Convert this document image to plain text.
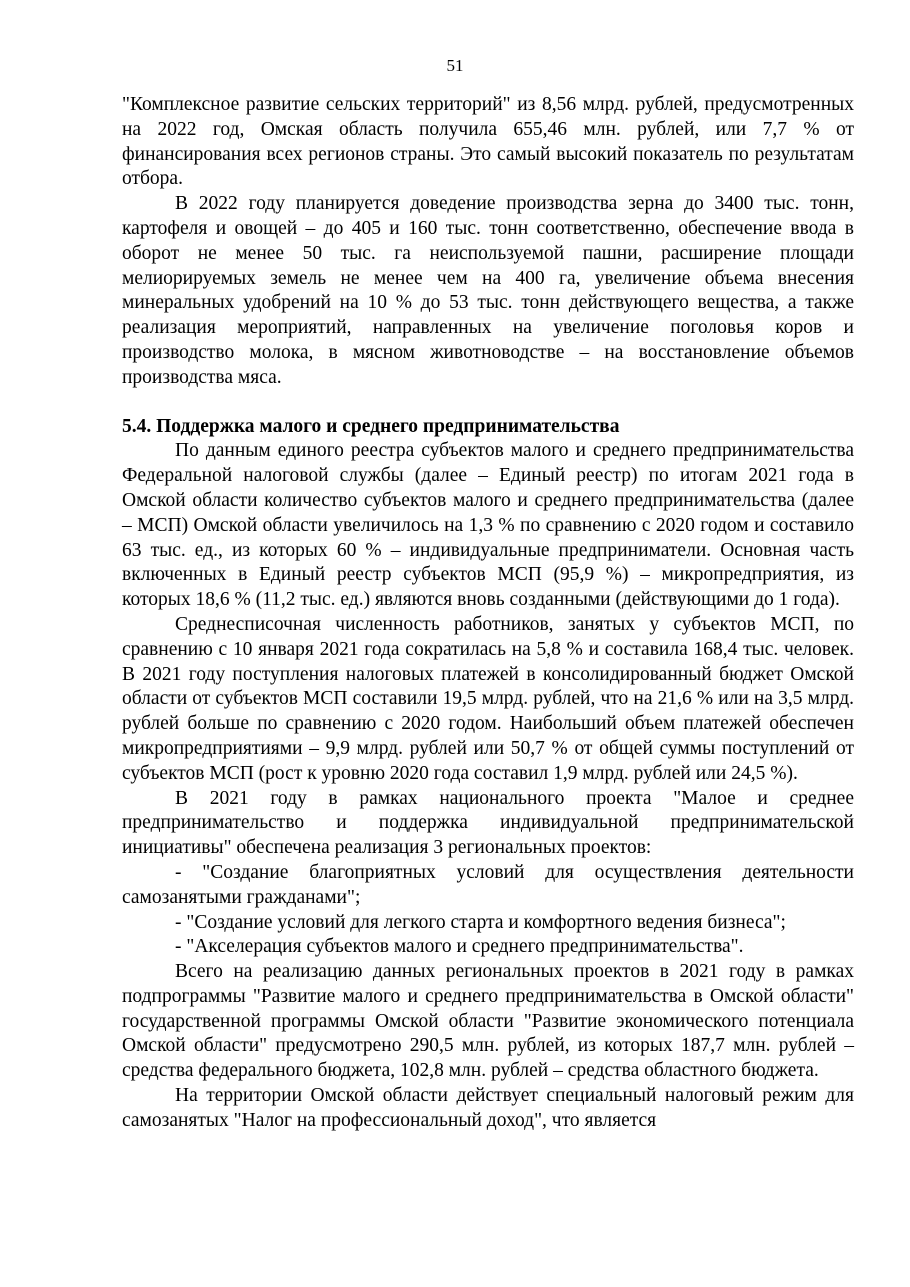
51

"Комплексное развитие сельских территорий" из 8,56 млрд. рублей, предусмотренных на 2022 год, Омская область получила 655,46 млн. рублей, или 7,7 % от финансирования всех регионов страны. Это самый высокий показатель по результатам отбора.

В 2022 году планируется доведение производства зерна до 3400 тыс. тонн, картофеля и овощей – до 405 и 160 тыс. тонн соответственно, обеспечение ввода в оборот не менее 50 тыс. га неиспользуемой пашни, расширение площади мелиорируемых земель не менее чем на 400 га, увеличение объема внесения минеральных удобрений на 10 % до 53 тыс. тонн действующего вещества, а также реализация мероприятий, направленных на увеличение поголовья коров и производство молока, в мясном животноводстве – на восстановление объемов производства мяса.

5.4. Поддержка малого и среднего предпринимательства

По данным единого реестра субъектов малого и среднего предпринимательства Федеральной налоговой службы (далее – Единый реестр) по итогам 2021 года в Омской области количество субъектов малого и среднего предпринимательства (далее – МСП) Омской области увеличилось на 1,3 % по сравнению с 2020 годом и составило 63 тыс. ед., из которых 60 % – индивидуальные предприниматели. Основная часть включенных в Единый реестр субъектов МСП (95,9 %) – микропредприятия, из которых 18,6 % (11,2 тыс. ед.) являются вновь созданными (действующими до 1 года).

Среднесписочная численность работников, занятых у субъектов МСП, по сравнению с 10 января 2021 года сократилась на 5,8 % и составила 168,4 тыс. человек. В 2021 году поступления налоговых платежей в консолидированный бюджет Омской области от субъектов МСП составили 19,5 млрд. рублей, что на 21,6 % или на 3,5 млрд. рублей больше по сравнению с 2020 годом. Наибольший объем платежей обеспечен микропредприятиями – 9,9 млрд. рублей или 50,7 % от общей суммы поступлений от субъектов МСП (рост к уровню 2020 года составил 1,9 млрд. рублей или 24,5 %).

В 2021 году в рамках национального проекта "Малое и среднее предпринимательство и поддержка индивидуальной предпринимательской инициативы" обеспечена реализация 3 региональных проектов:

- "Создание благоприятных условий для осуществления деятельности самозанятыми гражданами";

- "Создание условий для легкого старта и комфортного ведения бизнеса";

- "Акселерация субъектов малого и среднего предпринимательства".

Всего на реализацию данных региональных проектов в 2021 году в рамках подпрограммы "Развитие малого и среднего предпринимательства в Омской области" государственной программы Омской области "Развитие экономического потенциала Омской области" предусмотрено 290,5 млн. рублей, из которых 187,7 млн. рублей – средства федерального бюджета, 102,8 млн. рублей – средства областного бюджета.

На территории Омской области действует специальный налоговый режим для самозанятых "Налог на профессиональный доход", что является
